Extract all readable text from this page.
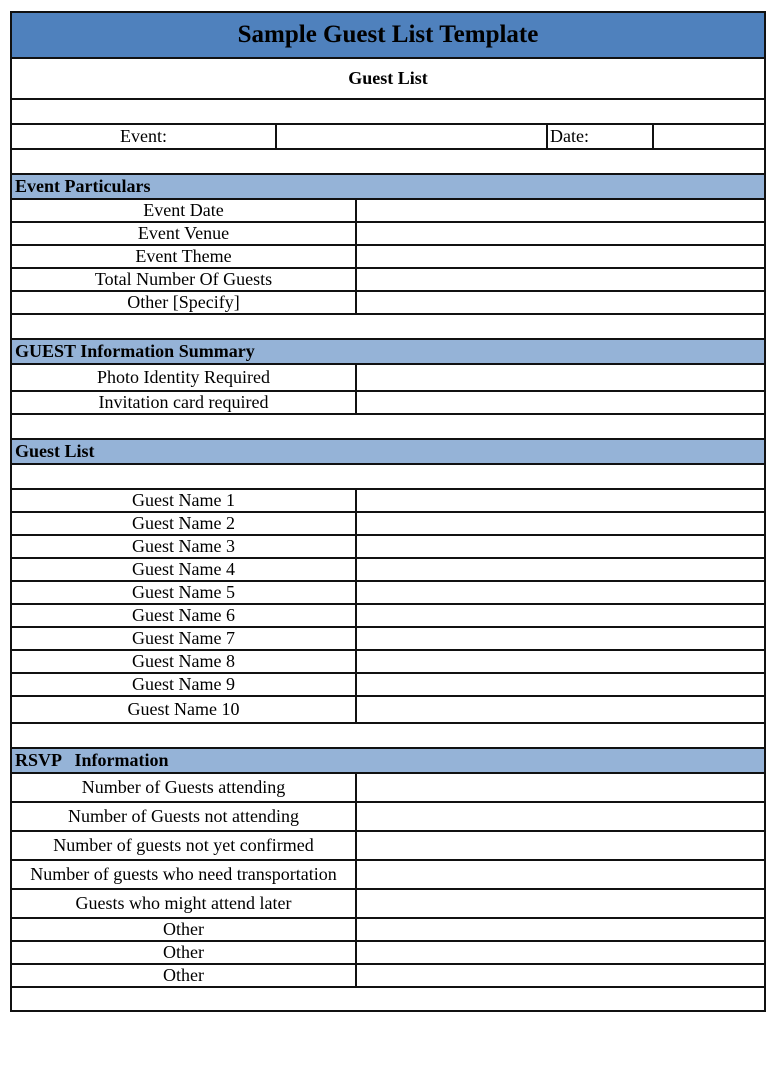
Sample Guest List Template
Guest List
Event:	Date:
Event Particulars
Event Date
Event Venue
Event Theme
Total Number Of Guests
Other [Specify]
GUEST Information Summary
Photo Identity Required
Invitation card required
Guest List
Guest Name 1
Guest Name 2
Guest Name 3
Guest Name 4
Guest Name 5
Guest Name 6
Guest Name 7
Guest Name 8
Guest Name 9
Guest Name 10
RSVP   Information
Number of Guests attending
Number of Guests not attending
Number of guests not yet confirmed
Number of guests who need transportation
Guests who might attend later
Other
Other
Other
